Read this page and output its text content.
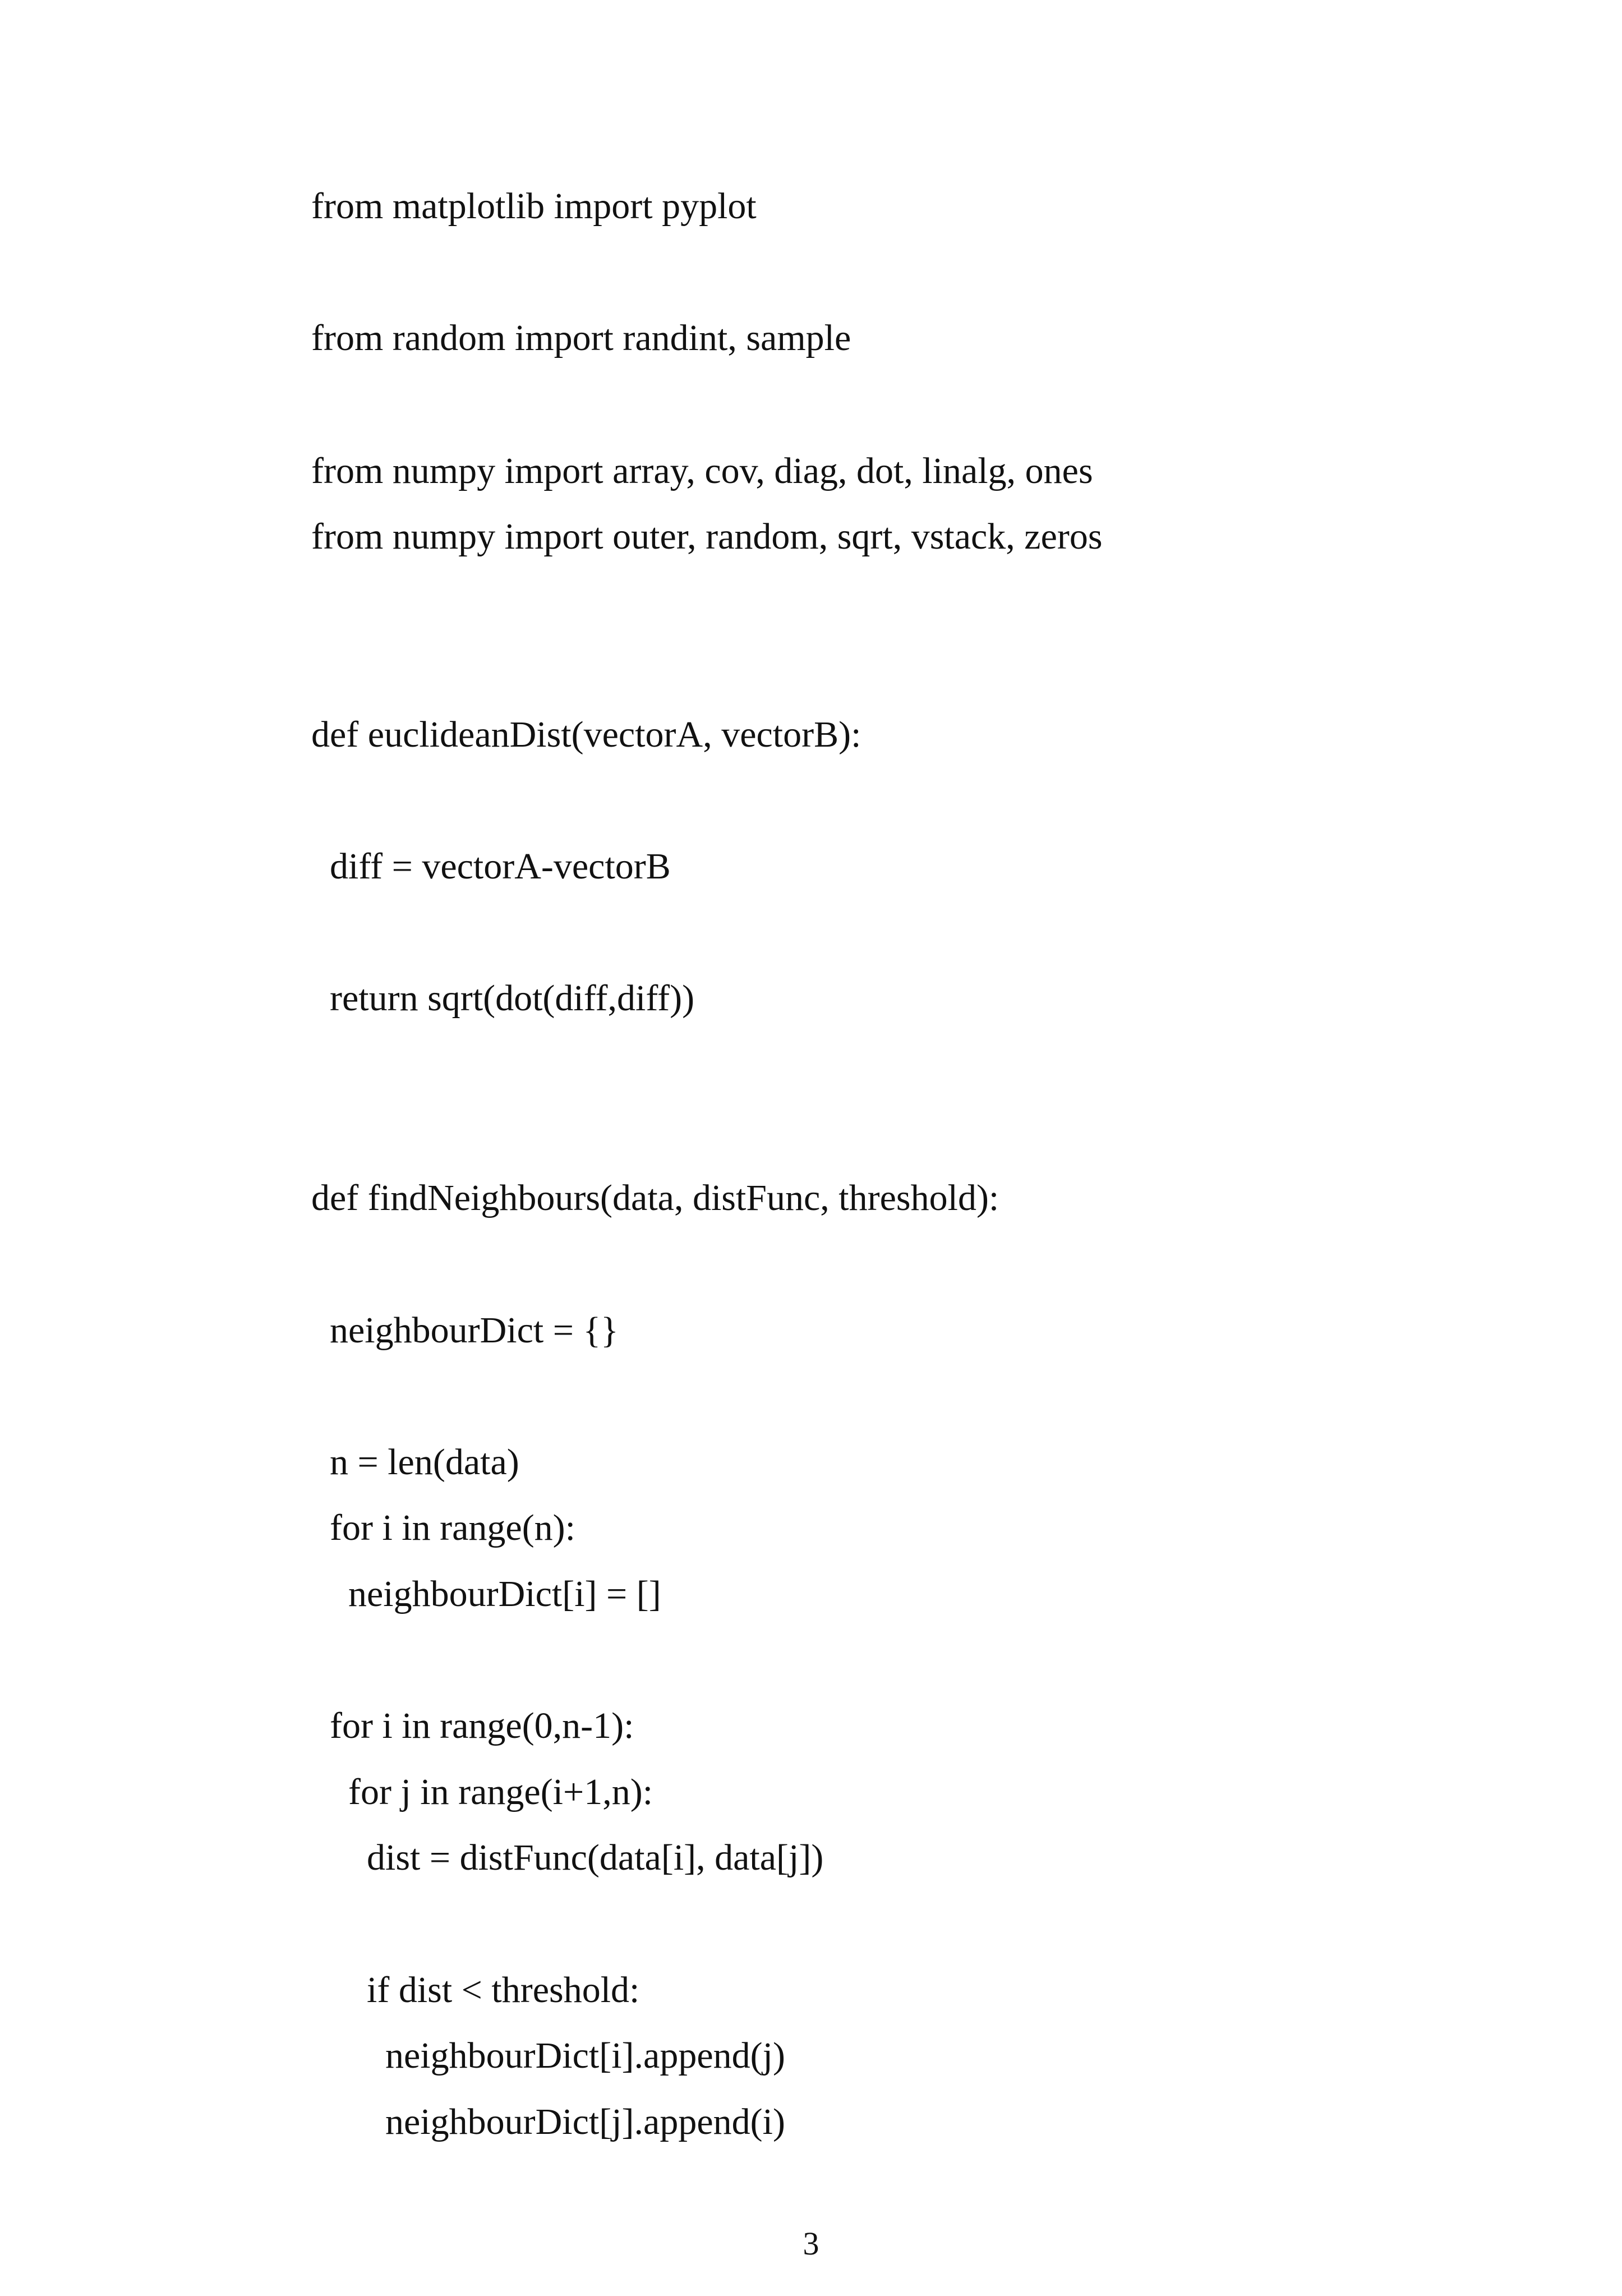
from matplotlib import pyplot
from random import randint, sample
from numpy import array, cov, diag, dot, linalg, ones
from numpy import outer, random, sqrt, vstack, zeros
def euclideanDist(vectorA, vectorB):
diff = vectorA-vectorB
return sqrt(dot(diff,diff))
def findNeighbours(data, distFunc, threshold):
neighbourDict = {}
n = len(data)
for i in range(n):
neighbourDict[i] = []
for i in range(0,n-1):
for j in range(i+1,n):
dist = distFunc(data[i], data[j])
if dist < threshold:
neighbourDict[i].append(j)
neighbourDict[j].append(i)
3
